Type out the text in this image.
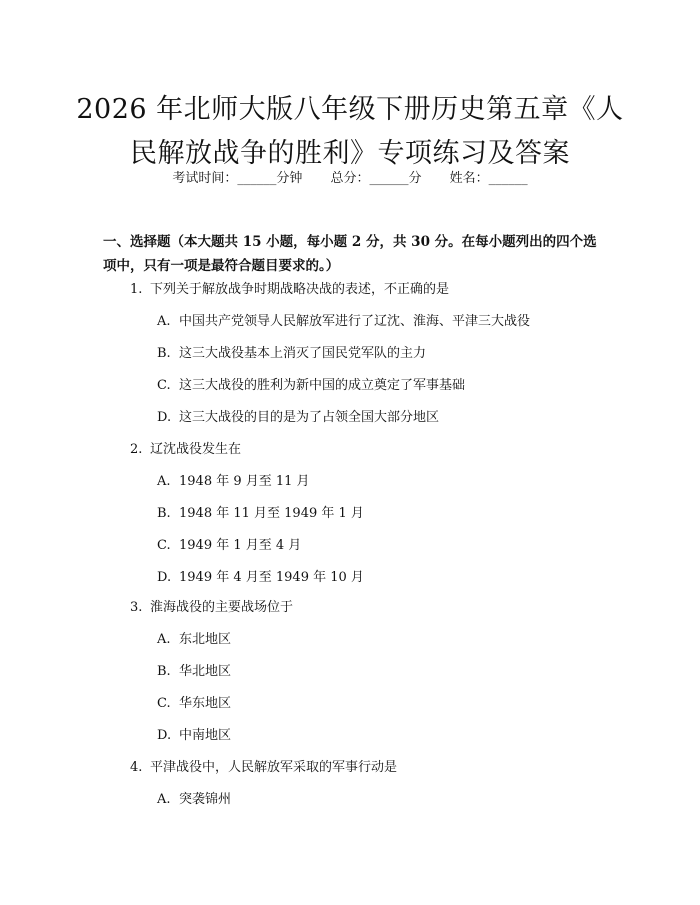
2026 年北师大版八年级下册历史第五章《人
民解放战争的胜利》专项练习及答案
考试时间：______分钟 总分：______分 姓名：______
一、选择题（本大题共 15 小题，每小题 2 分，共 30 分。在每小题列出的四个选
项中，只有一项是最符合题目要求的。）
1. 下列关于解放战争时期战略决战的表述，不正确的是
A. 中国共产党领导人民解放军进行了辽沈、淮海、平津三大战役
B. 这三大战役基本上消灭了国民党军队的主力
C. 这三大战役的胜利为新中国的成立奠定了军事基础
D. 这三大战役的目的是为了占领全国大部分地区
2. 辽沈战役发生在
A. 1948 年 9 月至 11 月
B. 1948 年 11 月至 1949 年 1 月
C. 1949 年 1 月至 4 月
D. 1949 年 4 月至 1949 年 10 月
3. 淮海战役的主要战场位于
A. 东北地区
B. 华北地区
C. 华东地区
D. 中南地区
4. 平津战役中，人民解放军采取的军事行动是
A. 突袭锦州
